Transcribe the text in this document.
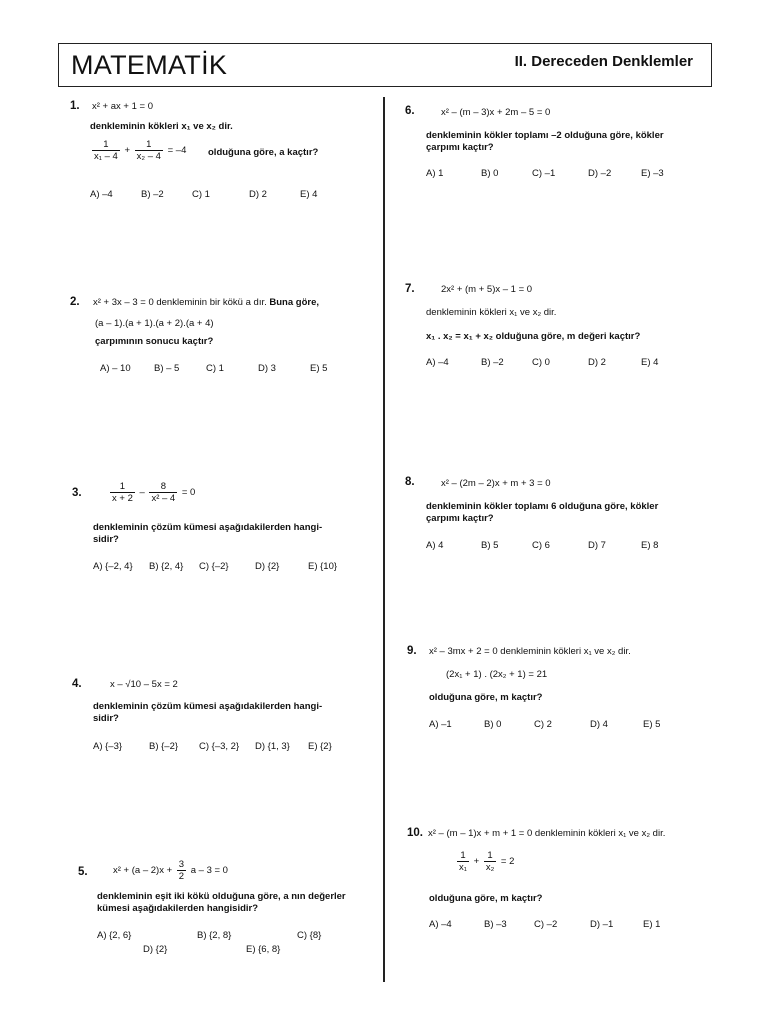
MATEMATİK	II. Dereceden Denklemler
1. x² + ax + 1 = 0
denkleminin kökleri x₁ ve x₂ dir.
$\frac{1}{\text{x₁ – 4}} + \frac{1}{\text{x₂ – 4}} = -4$ olduğuna göre, a kaçtır?
A) –4	B) –2	C) 1	D) 2	E) 4
2. x² + 3x – 3 = 0 denkleminin bir kökü a dır. Buna göre,
(a – 1).(a + 1).(a + 2).(a + 4)
çarpımının sonucu kaçtır?
A) – 10 B) – 5	C) 1	D) 3	E) 5
3.	$\frac{1}{x + 2} - \frac{8}{\text{x² – 4}} = 0$
denkleminin çözüm kümesi aşağıdakilerden hangi-
sidir?
A) {–2, 4} B) {2, 4} C) {–2}	D) {2}	E) {10}
4.	x – √10 – 5x = 2
denkleminin çözüm kümesi aşağıdakilerden hangi-
sidir?
A) {–3}	B) {–2} C) {–3, 2} D) {1, 3} E) {2}
5.	$x^2 + (a - 2)x + \frac{3}{2}$ a – 3 = 0
denkleminin eşit iki kökü olduğuna göre, a nın değerler
kümesi aşağıdakilerden hangisidir?
A) {2, 6}	B) {2, 8}	C) {8}
D) {2}	E) {6, 8}
6.	x² – (m – 3)x + 2m – 5 = 0
denkleminin kökler toplamı –2 olduğuna göre, kökler
çarpımı kaçtır?
A) 1	B) 0	C) –1	D) –2	E) –3
7.	2x² + (m + 5)x – 1 = 0
denkleminin kökleri x₁ ve x₂ dir.
x₁ . x₂ = x₁ + x₂ olduğuna göre, m değeri kaçtır?
A) –4	B) –2	C) 0	D) 2	E) 4
8.	x² – (2m – 2)x + m + 3 = 0
denkleminin kökler toplamı 6 olduğuna göre, kökler
çarpımı kaçtır?
A) 4	B) 5	C) 6	D) 7	E) 8
9. x² – 3mx + 2 = 0 denkleminin kökleri x₁ ve x₂ dir.
(2x₁ + 1) . (2x₂ + 1) = 21
olduğuna göre, m kaçtır?
A) –1	B) 0	C) 2	D) 4	E) 5
10. x² – (m – 1)x + m + 1 = 0 denkleminin kökleri x₁ ve x₂ dir.
$\frac{1}{\text{x₁}} + \frac{1}{\text{x₂}} = 2$
olduğuna göre, m kaçtır?
A) –4	B) –3	C) –2	D) –1	E) 1
